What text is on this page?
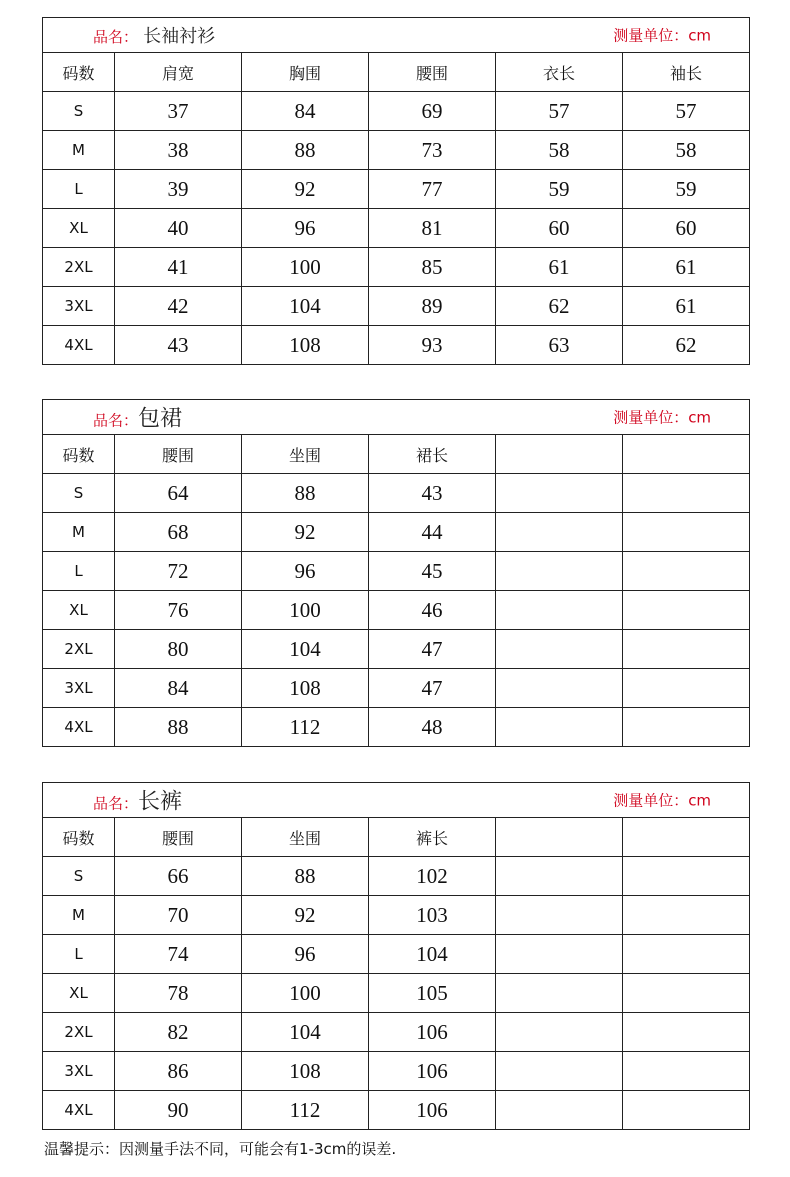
品名： 长袖衬衫 测量单位：cm					

码数	肩宽	胸围	腰围	衣长	袖长
S	37	84	69	57	57
M	38	88	73	58	58
L	39	92	77	59	59
XL	40	96	81	60	60
2XL	41	100	85	61	61
3XL	42	104	89	62	61
4XL	43	108	93	63	62
品名：包裙 测量单位：cm					

码数	腰围	坐围	裙长		
S	64	88	43		
M	68	92	44		
L	72	96	45		
XL	76	100	46		
2XL	80	104	47		
3XL	84	108	47		
4XL	88	112	48		
品名：长裤 测量单位：cm					

码数	腰围	坐围	裤长		
S	66	88	102		
M	70	92	103		
L	74	96	104		
XL	78	100	105		
2XL	82	104	106		
3XL	86	108	106		
4XL	90	112	106		
温馨提示：因测量手法不同，可能会有1-3cm的误差.
